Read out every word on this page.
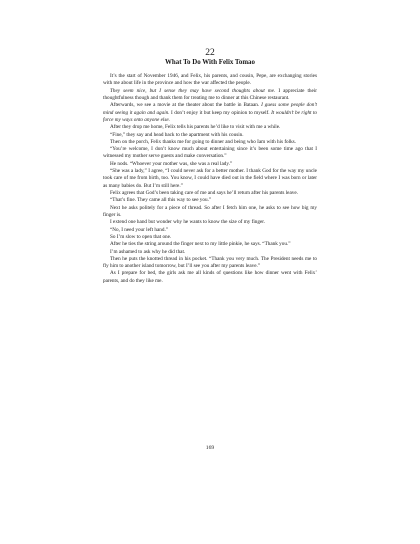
22
What To Do With Felix Tomao

It’s the start of November 1946, and Felix, his parents, and cousin, Pepe, are exchanging stories with me about life in the province and how the war affected the people.

They seem nice, but I sense they may have second thoughts about me. I appreciate their thoughtfulness though and thank them for treating me to dinner at this Chinese restaurant.

Afterwards, we see a movie at the theater about the battle in Bataan. I guess some people don’t mind seeing it again and again. I don’t enjoy it but keep my opinion to myself. It wouldn’t be right to force my ways onto anyone else.

After they drop me home, Felix tells his parents he’d like to visit with me a while.

“Fine,” they say and head back to the apartment with his cousin.

Then on the porch, Felix thanks me for going to dinner and being who Iam with his folks.

“You’re welcome, I don’t know much about entertaining since it’s been some time ago that I witnessed my mother serve guests and make conversation.”

He nods. “Whoever your mother was, she was a real lady.”

“She was a lady,” I agree, “I could never ask for a better mother. I thank God for the way my uncle took care of me from birth, too. You know, I could have died out in the field where I was born or later as many babies do. But I’m still here.”

Felix agrees that God’s been taking care of me and says he’ll return after his parents leave.

“That’s fine. They came all this way to see you.”

Next he asks politely for a piece of thread. So after I fetch him one, he asks to see how big my finger is.

I extend one hand but wonder why he wants to know the size of my finger.

“No, I need your left hand.”

So I’m slow to open that one.

After he ties the string around the finger next to my little pinkie, he says. “Thank you.”

I’m ashamed to ask why he did that.

Then he puts the knotted thread in his pocket. “Thank you very much. The President needs me to fly him to another island tomorrow, but I’ll see you after my parents leave.”

As I prepare for bed, the girls ask me all kinds of questions like how dinner went with Felix’ parents, and do they like me.

169
